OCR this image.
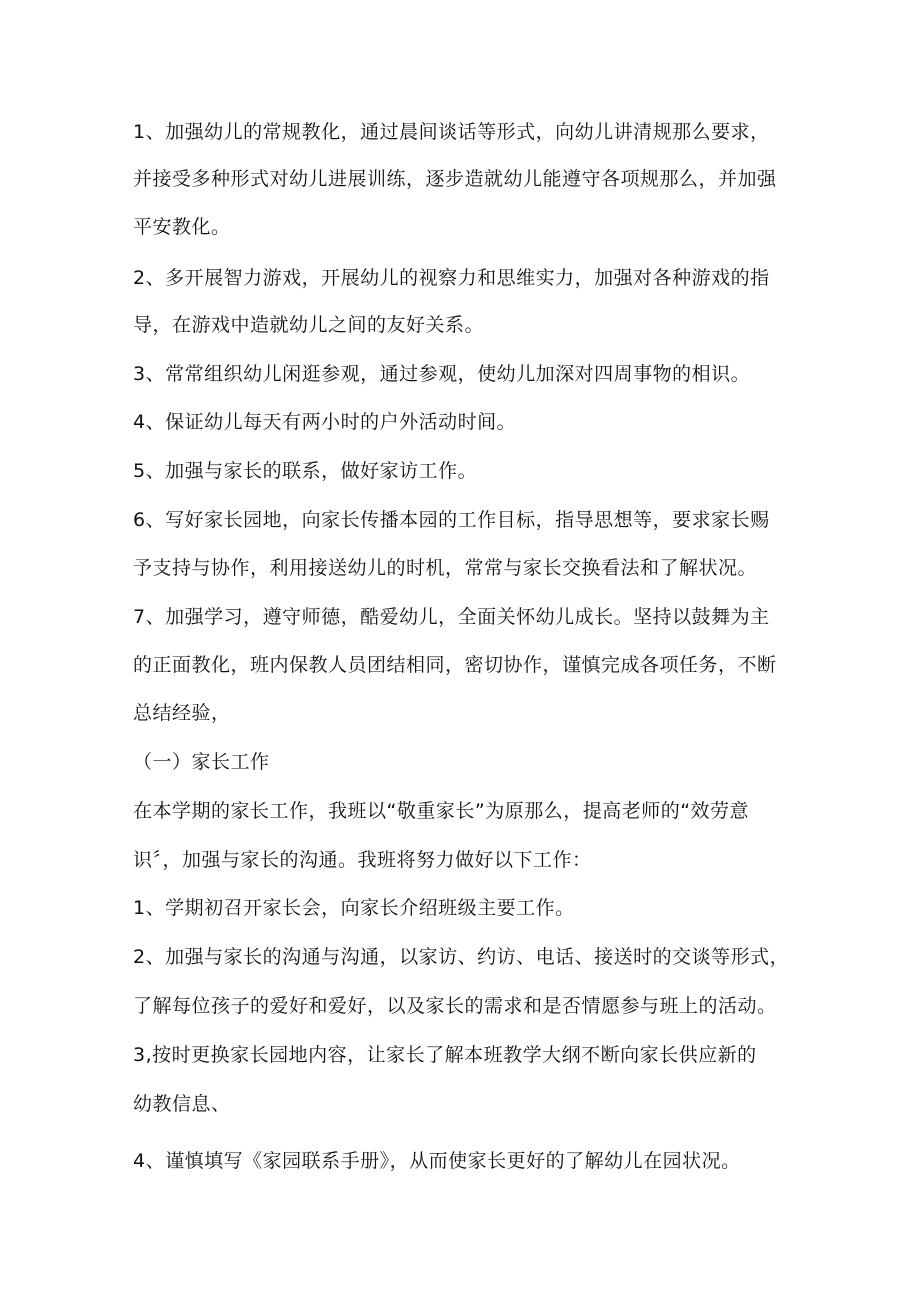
1、加强幼儿的常规教化，通过晨间谈话等形式，向幼儿讲清规那么要求，
并接受多种形式对幼儿进展训练，逐步造就幼儿能遵守各项规那么，并加强
平安教化。
2、多开展智力游戏，开展幼儿的视察力和思维实力，加强对各种游戏的指
导，在游戏中造就幼儿之间的友好关系。
3、常常组织幼儿闲逛参观，通过参观，使幼儿加深对四周事物的相识。
4、保证幼儿每天有两小时的户外活动时间。
5、加强与家长的联系，做好家访工作。
6、写好家长园地，向家长传播本园的工作目标，指导思想等，要求家长赐
予支持与协作，利用接送幼儿的时机，常常与家长交换看法和了解状况。
7、加强学习，遵守师德，酷爱幼儿，全面关怀幼儿成长。坚持以鼓舞为主
的正面教化，班内保教人员团结相同，密切协作，谨慎完成各项任务，不断
总结经验，
（一）家长工作
在本学期的家长工作，我班以“敬重家长”为原那么，提高老师的“效劳意
识〞，加强与家长的沟通。我班将努力做好以下工作：
1、学期初召开家长会，向家长介绍班级主要工作。
2、加强与家长的沟通与沟通，以家访、约访、电话、接送时的交谈等形式，
了解每位孩子的爱好和爱好，以及家长的需求和是否情愿参与班上的活动。
3,按时更换家长园地内容，让家长了解本班教学大纲不断向家长供应新的
幼教信息、
4、谨慎填写《家园联系手册》，从而使家长更好的了解幼儿在园状况。
